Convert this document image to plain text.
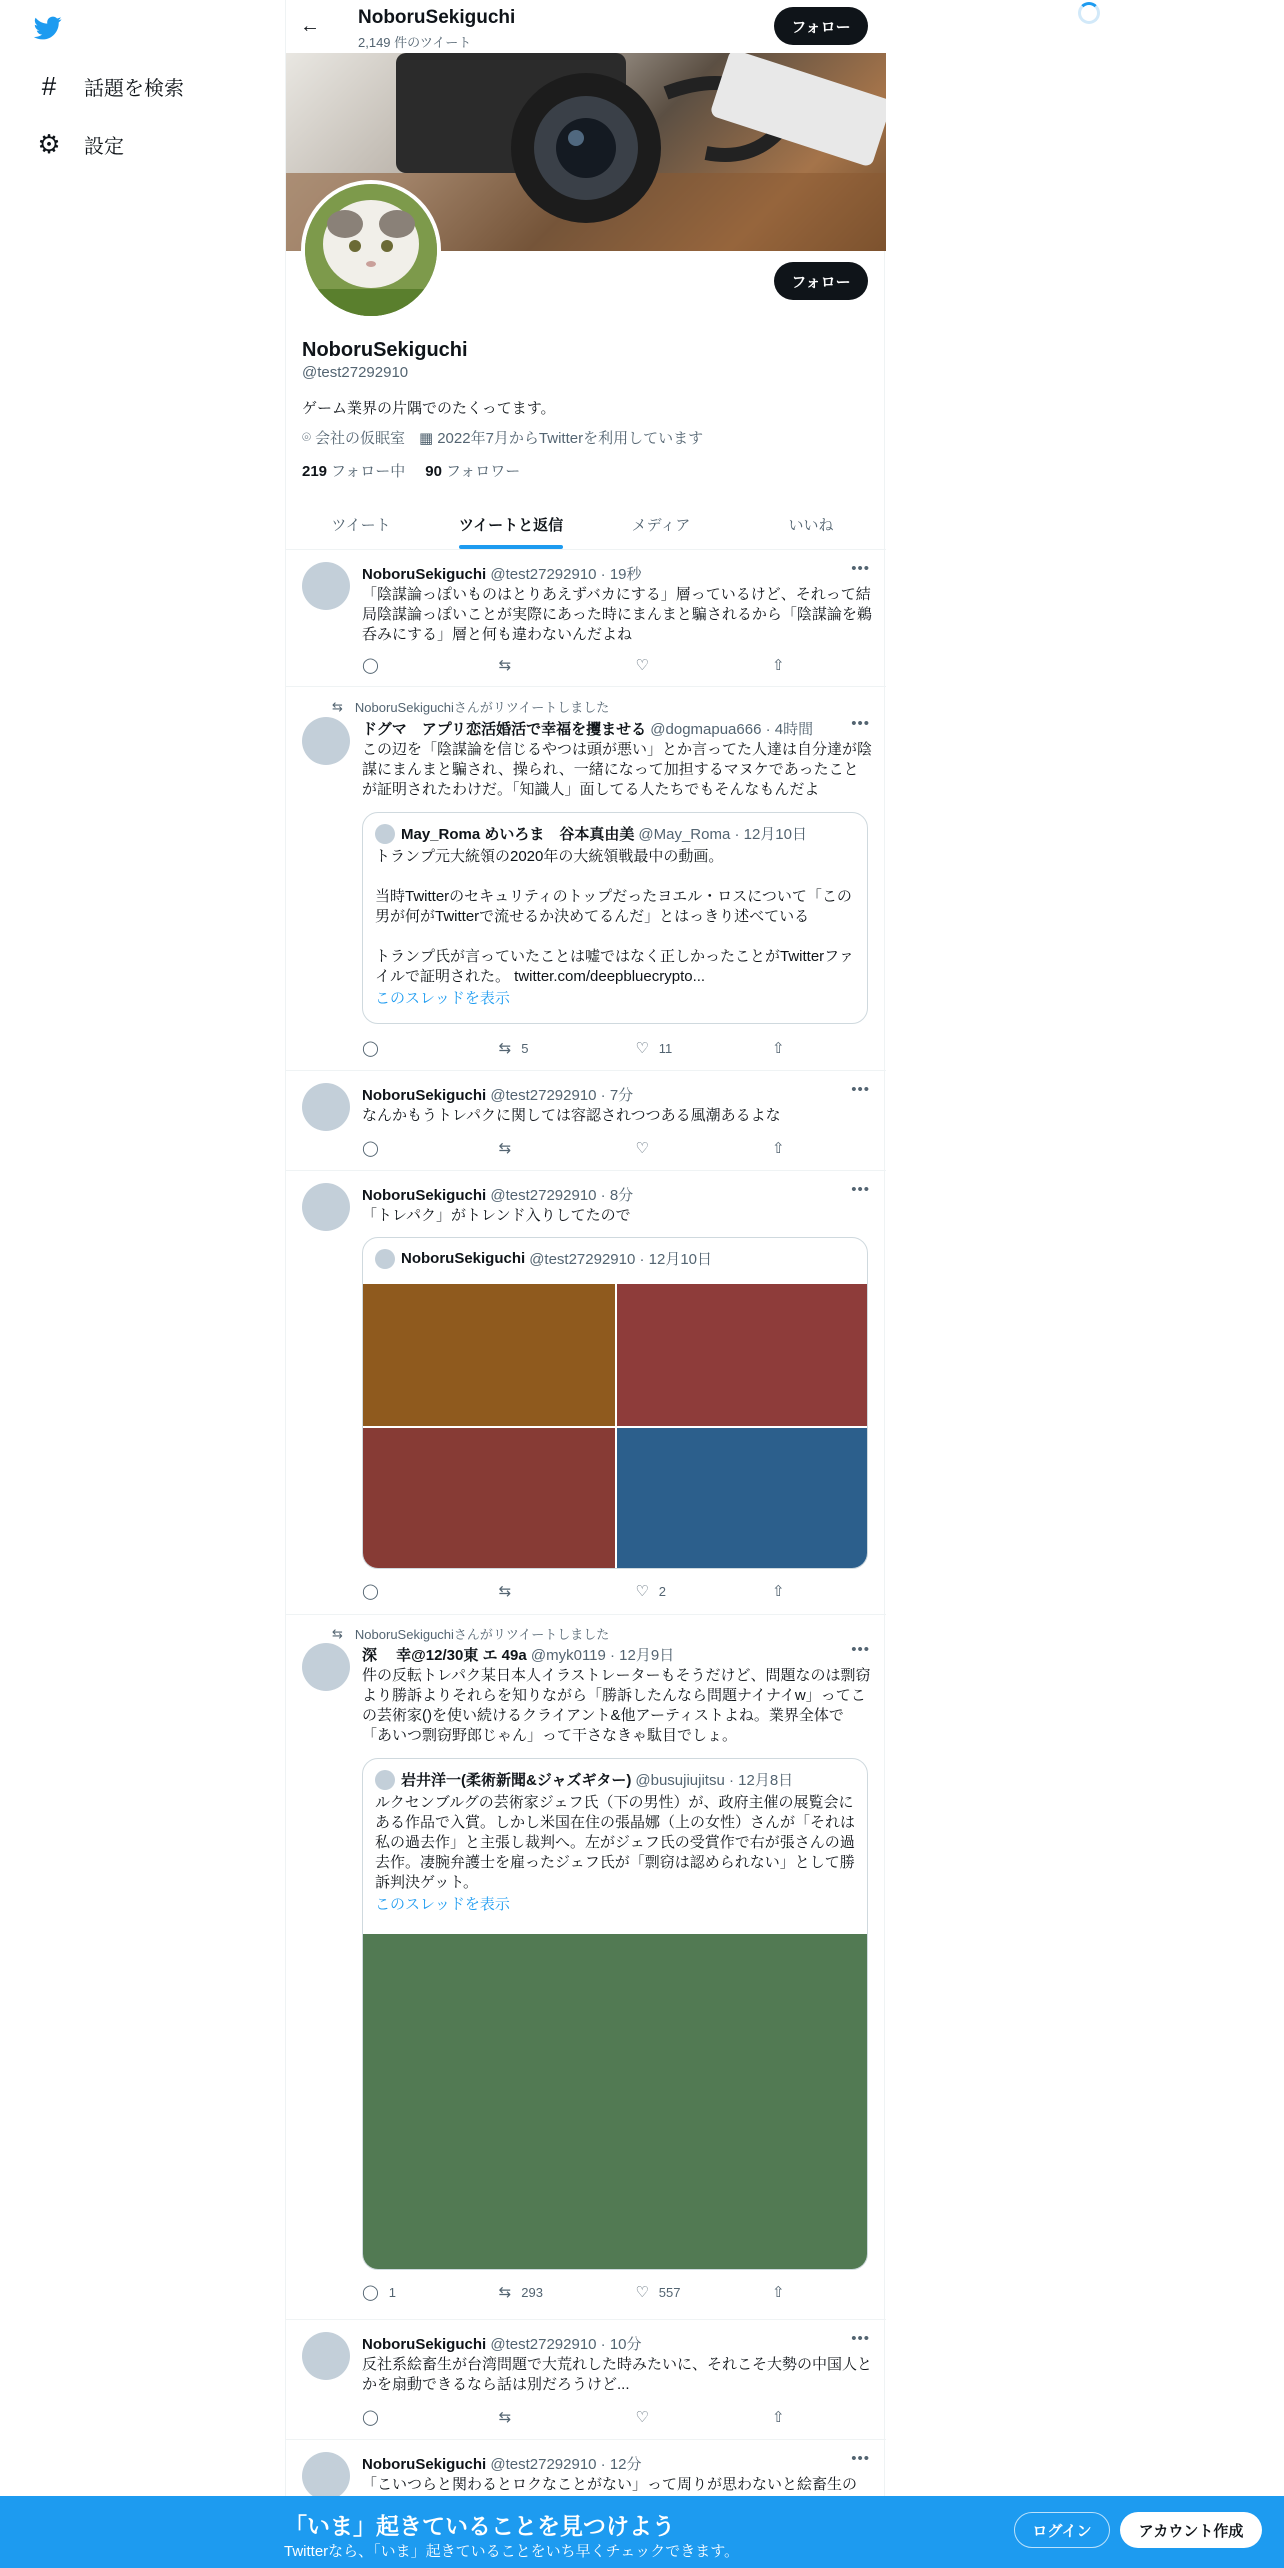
# 話題を検索
⚙ 設定
← NoboruSekiguchi
2,149 件のツイート
フォロー
フォロー
NoboruSekiguchi
@test27292910
ゲーム業界の片隅でのたくってます。
⌾ 会社の仮眠室 ▦ 2022年7月からTwitterを利用しています
219 フォロー中 90 フォロワー
ツイート	ツイートと返信	メディア	いいね
NoboruSekiguchi @test27292910 · 19秒	•••
「陰謀論っぽいものはとりあえずバカにする」層っているけど、それって結局陰謀論っぽいことが実際にあった時にまんまと騙されるから「陰謀論を鵜呑みにする」層と何も違わないんだよね
◯	⇆	♡	⇧
⇆ NoboruSekiguchiさんがリツイートしました
ドグマ　アプリ恋活婚活で幸福を攫ませる @dogmapua666 · 4時間	•••
この辺を「陰謀論を信じるやつは頭が悪い」とか言ってた人達は自分達が陰謀にまんまと騙され、操られ、一緒になって加担するマヌケであったことが証明されたわけだ。「知識人」面してる人たちでもそんなもんだよ
May_Roma めいろま　谷本真由美 @May_Roma · 12月10日
トランプ元大統領の2020年の大統領戦最中の動画。
当時Twitterのセキュリティのトップだったヨエル・ロスについて「この男が何がTwitterで流せるか決めてるんだ」とはっきり述べている
トランプ氏が言っていたことは嘘ではなく正しかったことがTwitterファイルで証明された。 twitter.com/deepbluecrypto...
このスレッドを表示
◯	⇆ 5	♡ 11	⇧
NoboruSekiguchi @test27292910 · 7分	•••
なんかもうトレパクに関しては容認されつつある風潮あるよな
◯	⇆	♡	⇧
NoboruSekiguchi @test27292910 · 8分	•••
「トレパク」がトレンド入りしてたので
NoboruSekiguchi @test27292910 · 12月10日
◯	⇆	♡ 2	⇧
⇆ NoboruSekiguchiさんがリツイートしました
深　 幸@12/30東 エ 49a @myk0119 · 12月9日	•••
件の反転トレパク某日本人イラストレーターもそうだけど、問題なのは剽窃より勝訴よりそれらを知りながら「勝訴したんなら問題ナイナイw」ってこの芸術家()を使い続けるクライアント&他アーティストよね。業界全体で「あいつ剽窃野郎じゃん」って干さなきゃ駄目でしょ。
岩井洋一(柔術新聞&ジャズギター) @busujiujitsu · 12月8日
ルクセンブルグの芸術家ジェフ氏（下の男性）が、政府主催の展覧会にある作品で入賞。しかし米国在住の張晶娜（上の女性）さんが「それは私の過去作」と主張し裁判へ。左がジェフ氏の受賞作で右が張さんの過去作。凄腕弁護士を雇ったジェフ氏が「剽窃は認められない」として勝訴判決ゲット。
このスレッドを表示
◯ 1	⇆ 293	♡ 557	⇧
NoboruSekiguchi @test27292910 · 10分	•••
反社系絵畜生が台湾問題で大荒れした時みたいに、それこそ大勢の中国人とかを扇動できるなら話は別だろうけど...
◯	⇆	♡	⇧
NoboruSekiguchi @test27292910 · 12分	•••
「こいつらと関わるとロクなことがない」って周りが思わないと絵畜生の
「いま」起きていることを見つけよう
Twitterなら、「いま」起きていることをいち早くチェックできます。
ログイン	アカウント作成
